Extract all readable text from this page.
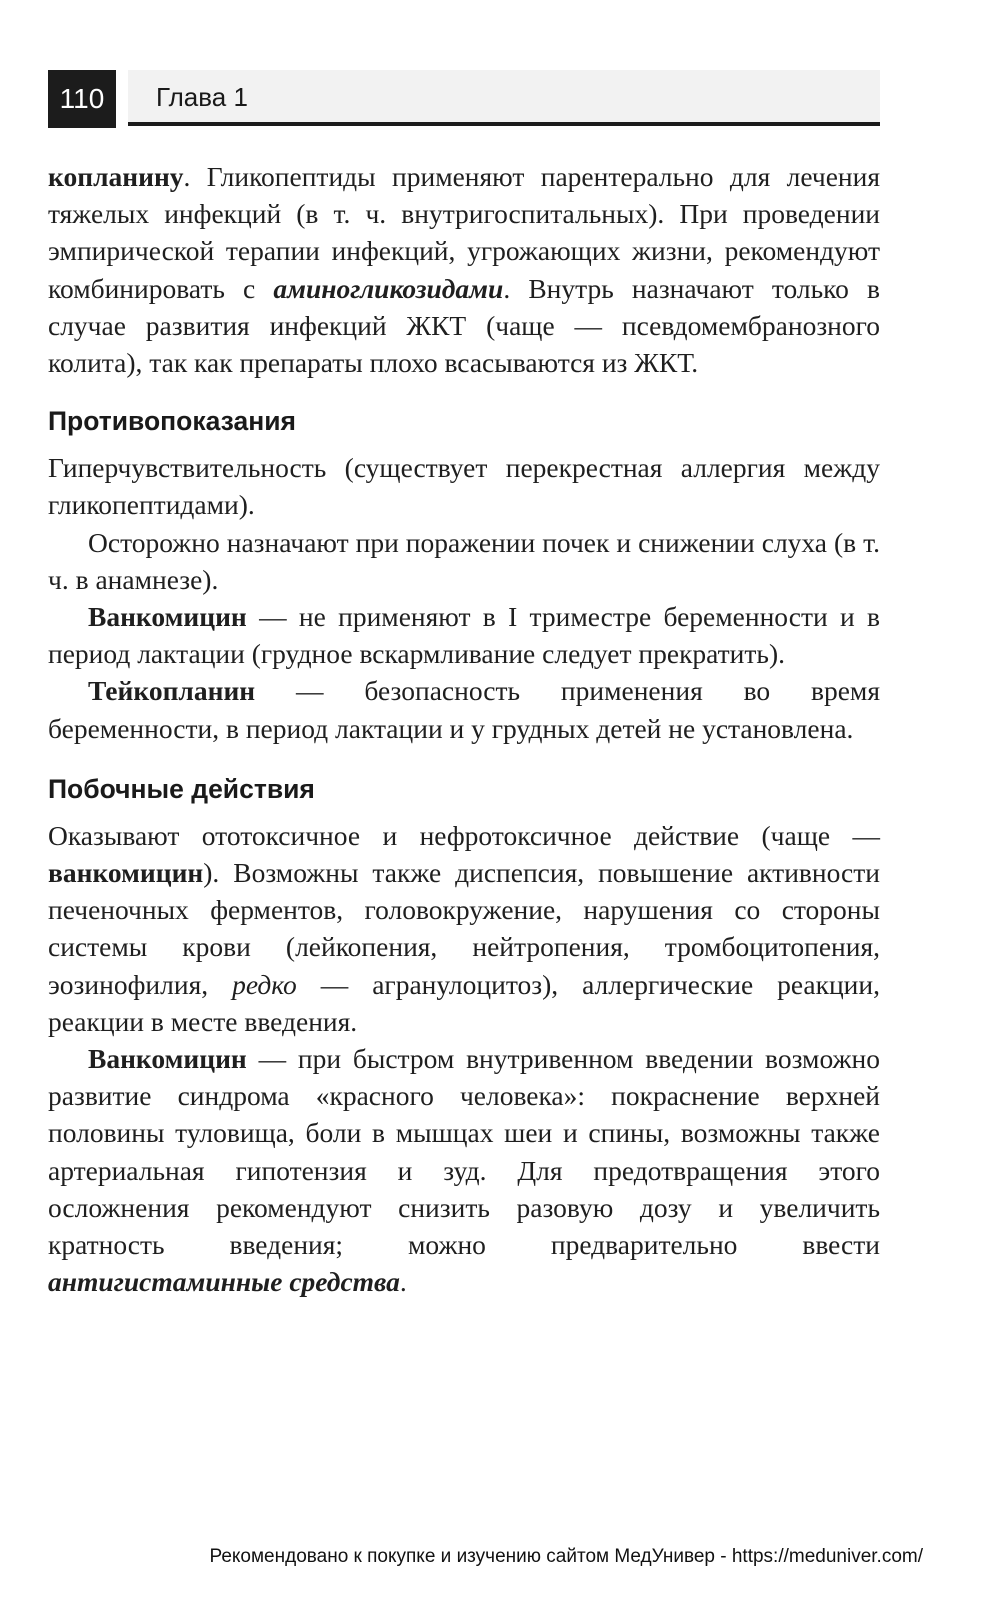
110	Глава 1

копланину. Гликопептиды применяют парентерально для лечения тяжелых инфекций (в т. ч. внутригоспитальных). При проведении эмпирической терапии инфекций, угрожающих жизни, рекомендуют комбинировать с аминогликозидами. Внутрь назначают только в случае развития инфекций ЖКТ (чаще — псевдомембранозного колита), так как препараты плохо всасываются из ЖКТ.

Противопоказания

Гиперчувствительность (существует перекрестная аллергия между гликопептидами).

Осторожно назначают при поражении почек и снижении слуха (в т. ч. в анамнезе).

Ванкомицин — не применяют в I триместре беременности и в период лактации (грудное вскармливание следует прекратить).

Тейкопланин — безопасность применения во время беременности, в период лактации и у грудных детей не установлена.

Побочные действия

Оказывают ототоксичное и нефротоксичное действие (чаще — ванкомицин). Возможны также диспепсия, повышение активности печеночных ферментов, головокружение, нарушения со стороны системы крови (лейкопения, нейтропения, тромбоцитопения, эозинофилия, редко — агранулоцитоз), аллергические реакции, реакции в месте введения.

Ванкомицин — при быстром внутривенном введении возможно развитие синдрома «красного человека»: покраснение верхней половины туловища, боли в мышцах шеи и спины, возможны также артериальная гипотензия и зуд. Для предотвращения этого осложнения рекомендуют снизить разовую дозу и увеличить кратность введения; можно предварительно ввести антигистаминные средства.

Рекомендовано к покупке и изучению сайтом МедУнивер - https://meduniver.com/
